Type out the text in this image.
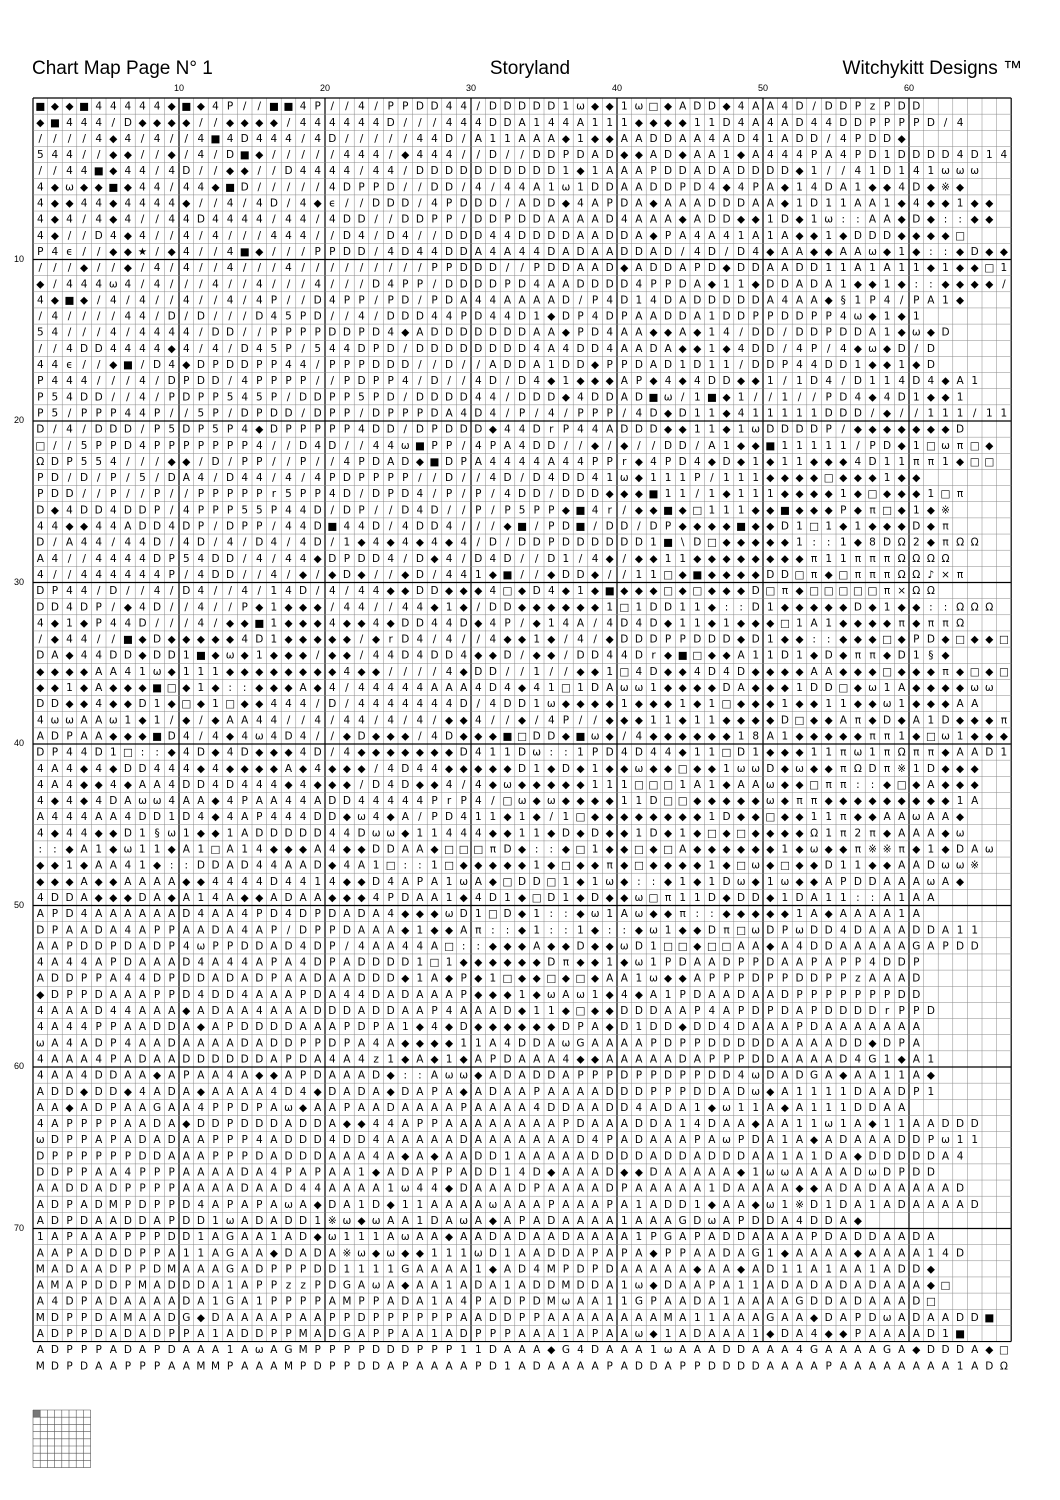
Chart Map Page N° 1	Storyland	Witchykitt Designs ™
10	20	30	40	50	60
10
20
30
40
50
60
70
■ ◆ ◆ ■ 4 4 4 4 4 ◆ ■ ◆ 4 P / / ■ ■ 4 P / / 4 / P P D D 4 4 / D D D D D 1 ω ◆ ◆ 1 ω □ ◆ A D D ◆ 4 A A 4 D / D D P z P D D
◆ ■ 4 4 4 / D ◆ ◆ ◆ ◆ / / ◆ ◆ ◆ ◆ / 4 4 4 4 4 4 D / / / 4 4 4 D D A 1 4 4 A 1 1 1 ◆ ◆ ◆ ◆ 1 1 D 4 A 4 A D 4 4 D D P P P P D / 4
/ / / / 4 ◆ 4 / 4 / / 4 ■ 4 D 4 4 4 / 4 D / / / / / 4 4 D / A 1 1 A A A ◆ 1 ◆ ◆ A A D D A A 4 A D 4 1 A D D / 4 P D D ◆
5 4 4 / / ◆ ◆ / / ◆ / 4 / D ■ ◆ / / / / / 4 4 4 / ◆ 4 4 4 / / D / / D D P D A D ◆ ◆ A D ◆ A A 1 ◆ A 4 4 4 P A 4 P D 1 D D D D 4 D 1 4
/ / 4 4 ■ ◆ 4 4 / 4 D / / ◆ ◆ / / D 4 4 4 4 / 4 4 / D D D D D D D D D D 1 ◆ 1 A A A P D D A D A D D D D ◆ 1 / / 4 1 D 1 4 1 ω ω ω
4 ◆ ω ◆ ◆ ■ ◆ 4 4 / 4 4 ◆ ■ D / / / / / 4 D P P D / / D D / 4 / 4 4 A 1 ω 1 D D A A D D P D 4 ◆ 4 P A ◆ 1 4 D A 1 ◆ ◆ 4 D ◆ ※ ◆
4 ◆ ◆ 4 4 ◆ 4 4 4 4 ◆ / / 4 / 4 D / 4 ◆ ϵ / / D D D / 4 P D D D / A D D ◆ 4 A P D A ◆ A A A D D D A A ◆ 1 D 1 1 A A 1 ◆ 4 ◆ ◆ 1 ◆ ◆
4 ◆ 4 / 4 ◆ 4 / / 4 4 D 4 4 4 4 / 4 4 / 4 D D / / D D P P / D D P D D A A A A D 4 A A A ◆ A D D ◆ ◆ 1 D ◆ 1 ω : : A A ◆ D ◆ : : ◆ ◆
4 ◆ / / D 4 ◆ 4 / / 4 / 4 / / / 4 4 4 / / D 4 / D 4 / / D D D 4 4 D D D D A A D D A ◆ P A 4 A 4 1 A 1 A ◆ ◆ 1 ◆ D D D ◆ ◆ ◆ ◆ □
P 4 ϵ / / ◆ ◆ ★ / ◆ 4 / / 4 ■ ◆ / / / P P D D / 4 D 4 4 D D A 4 A 4 4 D A D A A D D A D / 4 D / D 4 ◆ A A ◆ ◆ A A ω ◆ 1 ◆ : : ◆ D ◆ ◆
/ / / ◆ / / ◆ / 4 / 4 / / 4 / / / 4 / / / / / / / / / P P D D D / / P D D A A D ◆ A D D A P D ◆ D D A A D D 1 1 A 1 A 1 1 ◆ 1 ◆ ◆ □ 1
◆ / 4 4 4 ω 4 / 4 / / / 4 / / 4 / / / 4 / / / D 4 P P / D D D D P D 4 A A D D D D 4 P P D A ◆ 1 1 ◆ D D A D A 1 ◆ ◆ 1 ◆ : : ◆ ◆ ◆ ◆ /
4 ◆ ■ ◆ / 4 / 4 / / 4 / / 4 / 4 P / / D 4 P P / P D / P D A 4 4 A A A A D / P 4 D 1 4 D A D D D D D A 4 A A ◆ § 1 P 4 / P A 1 ◆
/ 4 / / / / 4 4 / D / D / / / D 4 5 P D / / 4 / D D D 4 4 P D 4 4 D 1 ◆ D P 4 D P A A D D A 1 D D P P D D P P 4 ω ◆ 1 ◆ 1
5 4 / / / 4 / 4 4 4 4 / D D / / P P P P D D P D 4 ◆ A D D D D D D D A A ◆ P D 4 A A ◆ ◆ A ◆ 1 4 / D D / D D P D D A 1 ◆ ω ◆ D
/ / 4 D D 4 4 4 4 ◆ 4 / 4 / D 4 5 P / 5 4 4 D P D / D D D D D D D D 4 A 4 D D 4 A A D A ◆ ◆ 1 ◆ 4 D D / 4 P / 4 ◆ ω ◆ D / D
4 4 ϵ / / ◆ ■ / D 4 ◆ D P D D P P 4 4 / P P P D D D / / D / / A D D A 1 D D ◆ P P D A D 1 D 1 1 / D D P 4 4 D D 1 ◆ ◆ 1 ◆ D
P 4 4 4 / / / 4 / D P D D / 4 P P P P / / P D P P 4 / D / / 4 D / D 4 ◆ 1 ◆ ◆ ◆ A P ◆ 4 ◆ 4 D D ◆ ◆ 1 / 1 D 4 / D 1 1 4 D 4 ◆ A 1
P 5 4 D D / / 4 / P D P P 5 4 5 P / D D P P 5 P D / D D D D 4 4 / D D D ◆ 4 D D A D ■ ω / 1 ■ ◆ 1 / / 1 / / P D 4 ◆ 4 D 1 ◆ ◆ 1
P 5 / P P P 4 4 P / / 5 P / D P D D / D P P / D P P P D A 4 D 4 / P / 4 / P P P / 4 D ◆ D 1 1 ◆ 4 1 1 1 1 1 D D D / ◆ / / 1 1 1 / 1 1
D / 4 / D D D / P 5 D P 5 P 4 ◆ D P P P P P 4 D D / D P D D D ◆ 4 4 D r P 4 4 A D D D ◆ ◆ 1 1 ◆ 1 ω D D D D P / ◆ ◆ ◆ ◆ ◆ ◆ ◆ D
□ / / 5 P P D 4 P P P P P P P 4 / / D 4 D / / 4 4 ω ■ P P / 4 P A 4 D D / / ◆ / ◆ / / D D / A 1 ◆ ◆ ■ 1 1 1 1 1 / P D ◆ 1 □ ω π □ ◆
Ω D P 5 5 4 / / / ◆ ◆ / D / P P / / P / / 4 P D A D ◆ ■ D P A 4 4 4 4 A 4 4 P P r ◆ 4 P D 4 ◆ D ◆ 1 ◆ 1 1 ◆ ◆ ◆ 4 D 1 1 π π 1 ◆ □ □
P D / D / P / 5 / D A 4 / D 4 4 / 4 / 4 P D P P P P / / D / / 4 D / D 4 D D 4 1 ω ◆ 1 1 1 P / 1 1 1 ◆ ◆ ◆ ◆ □ ◆ ◆ ◆ 1 ◆ ◆
P D D / / P / / P / / P P P P P r 5 P P 4 D / D P D 4 / P / P / 4 D D / D D D ◆ ◆ ◆ ■ 1 1 / 1 ◆ 1 1 1 ◆ ◆ ◆ ◆ 1 ◆ □ ◆ ◆ ◆ 1 □ π
D ◆ 4 D D 4 D D P / 4 P P P 5 5 P 4 4 D / D P / / D 4 D / / P / P 5 P P ◆ ■ 4 r / ◆ ◆ ■ ◆ □ 1 1 1 ◆ ◆ ■ ◆ ◆ ◆ P ◆ π □ ◆ 1 ◆ ※
4 4 ◆ ◆ 4 4 A D D 4 D P / D P P / 4 4 D ■ 4 4 D / 4 D D 4 / / / ◆ ■ / P D ■ / D D / D P ◆ ◆ ◆ ◆ ■ ◆ ◆ D 1 □ 1 ◆ 1 ◆ ◆ ◆ D ◆ π
D / A 4 4 / 4 4 D / 4 D / 4 / D 4 / 4 D / 1 ◆ 4 ◆ 4 ◆ 4 ◆ 4 / D / D D P D D D D D D 1 ■ \ D □ ◆ ◆ ◆ ◆ ◆ 1 : : 1 ◆ 8 D Ω 2 ◆ π Ω Ω
A 4 / / 4 4 4 4 D P 5 4 D D / 4 / 4 4 ◆ D P D D 4 / D ◆ 4 / D 4 D / / D 1 / 4 ◆ / ◆ ◆ 1 1 ◆ ◆ ◆ ◆ ◆ ◆ ◆ ◆ π 1 1 π π π Ω Ω Ω Ω
4 / / 4 4 4 4 4 4 P / 4 D D / / 4 / ◆ / ◆ D ◆ / / ◆ D / 4 4 1 ◆ ■ / / ◆ D D ◆ / / 1 1 □ ◆ ■ ◆ ◆ ◆ ◆ D D □ π ◆ □ π π π Ω Ω ♪ × π
D P 4 4 / D / / 4 / D 4 / / 4 / 1 4 D / 4 / 4 4 ◆ ◆ D D ◆ ◆ ◆ 4 □ ◆ D 4 ◆ 1 ◆ ■ ◆ ◆ ◆ □ ◆ □ ◆ ◆ ◆ D □ π ◆ □ □ □ □ □ π × Ω Ω
D D 4 D P / ◆ 4 D / / 4 / / P ◆ 1 ◆ ◆ ◆ / 4 4 / / 4 4 ◆ 1 ◆ / D D ◆ ◆ ◆ ◆ ◆ ◆ 1 □ 1 D D 1 1 ◆ : : D 1 ◆ ◆ ◆ ◆ ◆ D ◆ 1 ◆ ◆ : : Ω Ω Ω
4 ◆ 1 ◆ P 4 4 D / / / 4 / ◆ ◆ ■ 1 ◆ ◆ ◆ 4 ◆ ◆ 4 ◆ D D 4 4 D ◆ 4 P / ◆ 1 4 A / 4 D 4 D ◆ 1 1 ◆ 1 ◆ ◆ ◆ □ 1 A 1 ◆ ◆ ◆ ◆ π ◆ π π Ω
/ ◆ 4 4 / / ■ ◆ D ◆ ◆ ◆ ◆ ◆ 4 D 1 ◆ ◆ ◆ ◆ ◆ / ◆ r D 4 / 4 / / 4 ◆ ◆ 1 ◆ / 4 / ◆ D D D P P D D D ◆ D 1 ◆ ◆ : : ◆ ◆ ◆ □ ◆ P D ◆ □ ◆ ◆ □
D A ◆ 4 4 D D ◆ D D 1 ■ ◆ ω ◆ 1 ◆ ◆ ◆ / ◆ ◆ / 4 4 D 4 D D 4 ◆ ◆ D / ◆ ◆ / D D 4 4 D r ◆ ■ □ ◆ ◆ A 1 1 D 1 ◆ D ◆ π π ◆ D 1 § ◆
◆ ◆ ◆ ◆ A A 4 1 ω ◆ 1 1 1 ◆ ◆ ◆ ◆ ◆ ◆ ◆ ◆ 4 ◆ ◆ / / / / 4 ◆ D D / / 1 / / ◆ ◆ 1 □ 4 D ◆ ◆ 4 D 4 D ◆ ◆ ◆ ◆ A A ◆ ◆ ◆ □ ◆ ◆ ◆ π ◆ □ ◆ □
◆ ◆ 1 ◆ A ◆ ◆ ◆ ■ □ ◆ 1 ◆ : : ◆ ◆ ◆ A ◆ 4 / 4 4 4 4 4 A A A 4 D 4 ◆ 4 1 □ 1 D A ω ω 1 ◆ ◆ ◆ ◆ D A ◆ ◆ ◆ 1 D D □ ◆ ω 1 A ◆ ◆ ◆ ◆ ω ω
D D ◆ ◆ 4 ◆ ◆ D 1 ◆ □ ◆ 1 □ ◆ ◆ 4 4 4 / D / 4 4 4 4 4 4 4 D / 4 D D 1 ω ◆ ◆ ◆ ◆ 1 ◆ ◆ ◆ 1 ◆ 1 □ ◆ ◆ ◆ 1 ◆ ◆ 1 1 ◆ ◆ ω 1 ◆ ◆ ◆ A A
4 ω ω A A ω 1 ◆ 1 / ◆ / ◆ A A 4 4 / / 4 / 4 4 / 4 / 4 / ◆ ◆ 4 / / ◆ / 4 P / / ◆ ◆ ◆ 1 1 ◆ 1 1 ◆ ◆ ◆ ◆ D □ ◆ ◆ A π ◆ D ◆ A 1 D ◆ ◆ ◆ π
A D P A A ◆ ◆ ◆ ■ D 4 / 4 ◆ 4 ω 4 D 4 / / ◆ D ◆ ◆ ◆ / 4 D ◆ ◆ ◆ ■ □ D D ◆ ■ ω ◆ / 4 ◆ ◆ ◆ ◆ ◆ ◆ 1 8 A 1 ◆ ◆ ◆ ◆ ◆ π π 1 ◆ □ ω 1 ◆ ◆ ◆
D P 4 4 D 1 □ : : ◆ 4 D ◆ 4 D ◆ ◆ ◆ 4 D / 4 ◆ ◆ ◆ ◆ ◆ ◆ ◆ D 4 1 1 D ω : : 1 P D 4 D 4 4 ◆ 1 1 □ D 1 ◆ ◆ ◆ 1 1 π ω 1 π Ω π π ◆ A A D 1
4 A 4 ◆ 4 ◆ D D 4 4 4 ◆ 4 ◆ ◆ ◆ ◆ A ◆ 4 ◆ ◆ ◆ / 4 D 4 4 ◆ ◆ ◆ ◆ ◆ D 1 ◆ D ◆ 1 ◆ ◆ ω ◆ ◆ □ ◆ ◆ 1 ω ω D ◆ ω ◆ ◆ π Ω D π ※ 1 D ◆ ◆ ◆
4 A 4 ◆ ◆ 4 ◆ A A 4 D D 4 D 4 4 4 ◆ 4 ◆ ◆ ◆ / D 4 D ◆ ◆ 4 / 4 ◆ ω ◆ ◆ ◆ ◆ ◆ 1 1 1 □ □ □ 1 A 1 ◆ A A ω ◆ ◆ □ π π : : ◆ □ ◆ A ◆ ◆ ◆
4 ◆ 4 ◆ 4 D A ω ω 4 A A ◆ 4 P A A 4 4 A D D 4 4 4 4 4 P r P 4 / □ ω ◆ ω ◆ ◆ ◆ ◆ 1 1 D □ □ ◆ ◆ ◆ ◆ ◆ ω ◆ π π ◆ ◆ ◆ ◆ ◆ ◆ ◆ ◆ ◆ 1 A
A 4 4 4 A A 4 D D 1 D 4 ◆ 4 A P 4 4 4 D D ◆ ω 4 ◆ A / P D 4 1 1 ◆ 1 ◆ / 1 □ ◆ ◆ ◆ ◆ ◆ ◆ ◆ ◆ 1 D ◆ ◆ □ ◆ ◆ 1 1 π ◆ ◆ A A ω A A ◆
4 ◆ 4 4 ◆ ◆ D 1 § ω 1 ◆ ◆ 1 A D D D D D 4 4 D ω ω ◆ 1 1 4 4 4 ◆ ◆ 1 1 ◆ D ◆ D ◆ ◆ 1 D ◆ 1 ◆ □ ◆ □ ◆ ◆ ◆ ◆ Ω 1 π 2 π ◆ A A A ◆ ω
: : ◆ A 1 ◆ ω 1 1 ◆ A 1 □ A 1 4 ◆ ◆ ◆ A 4 ◆ ◆ D D A A ◆ □ □ □ π D ◆ : : ◆ □ 1 ◆ ◆ □ ◆ □ A ◆ ◆ ◆ ◆ ◆ ◆ 1 ◆ ω ◆ ◆ π ※ ※ π ◆ 1 ◆ D A ω
◆ ◆ 1 ◆ A A 4 1 ◆ : : D D A D 4 4 A A D ◆ 4 A 1 □ : : 1 □ ◆ ◆ ◆ ◆ ◆ 1 ◆ □ ◆ ◆ π ◆ □ ◆ ◆ ◆ ◆ 1 ◆ □ ω ◆ □ ◆ ◆ D 1 1 ◆ ◆ A A D ω ω ※
◆ ◆ ◆ A ◆ ◆ A A A A ◆ ◆ 4 4 4 4 D 4 4 1 4 ◆ ◆ D 4 A P A 1 ω A ◆ □ D D □ 1 ◆ 1 ω ◆ : : ◆ 1 ◆ 1 D ω ◆ 1 ω ◆ ◆ A P D D A A A ω A ◆
4 D D A ◆ ◆ ◆ D A ◆ A 1 4 A ◆ ◆ A D A A ◆ ◆ ◆ 4 P D A A 1 ◆ 4 D 1 ◆ □ D 1 ◆ D ◆ ◆ ω □ π 1 1 D ◆ D D ◆ 1 D A 1 1 : : A 1 A A
A P D 4 A A A A A A D 4 A A 4 P D 4 D P D A D A 4 ◆ ◆ ◆ ω D 1 □ D ◆ 1 : : ◆ ω 1 A ω ◆ ◆ π : : ◆ ◆ ◆ ◆ ◆ 1 A ◆ A A A A 1 A
D P A A D A 4 A P P A A D A 4 A P / D P P D A A A ◆ 1 ◆ ◆ A π : : ◆ 1 : : 1 ◆ : : ◆ ω 1 ◆ ◆ D π □ ω D P ω D D 4 D A A A D D A 1 1
A A P D D P D A D P 4 ω P P D D A D 4 D P / 4 A A 4 4 A □ : : ◆ ◆ ◆ A ◆ ◆ D ◆ ◆ ω D 1 □ □ ◆ □ □ A A ◆ A 4 D D A A A A A G A P D D
4 A 4 4 A P D A A A D 4 A 4 4 A P A 4 D P A D D D D 1 □ 1 ◆ ◆ ◆ ◆ ◆ ◆ D π ◆ ◆ 1 ◆ ω 1 P D A A D P P D A A P A P P 4 D D P
A D D P P A 4 4 D P D D A D A D P A A D A A D D D ◆ 1 A ◆ P ◆ 1 □ ◆ ◆ □ ◆ □ ◆ A A 1 ω ◆ ◆ A P P P D P P D D P P z A A A D
◆ D P P D A A A P P D 4 D D 4 A A A P D A 4 4 D A D A A A P ◆ ◆ ◆ 1 ◆ ω A ω 1 ◆ 4 ◆ A 1 P D A A D A A D P P P P P P P D D
4 A A A D 4 4 A A A ◆ A D A A 4 A A A D D D A D D A A P 4 A A A D ◆ 1 1 ◆ □ ◆ ◆ D D D A A P 4 A P D P D A P D D D D r P P D
4 A 4 4 P P A A D D A ◆ A P D D D D A A A P D P A 1 ◆ 4 ◆ D ◆ ◆ ◆ ◆ ◆ ◆ D P A ◆ D 1 D D ◆ D D 4 D A A A P D A A A A A A A
ω A 4 A D P 4 A A D A A A A D A D D P P D P A 4 A ◆ ◆ ◆ ◆ 1 1 A 4 D D A ω G A A A A P D P P D D D D D A A A A D D ◆ D P A
4 A A A 4 P A D A A D D D D D D A P D A 4 A 4 z 1 ◆ A ◆ 1 ◆ A P D A A A 4 ◆ ◆ A A A A A D A P P P D D A A A A D 4 G 1 ◆ A 1
4 A A 4 D D A A ◆ A P A A 4 A ◆ ◆ A P D A A A D ◆ : : A ω ω ◆ A D A D D A P P P D P P D P P D D 4 ω D A D G A ◆ A A 1 1 A ◆
A D D ◆ D D ◆ 4 A D A ◆ A A A A 4 D 4 ◆ D A D A ◆ D A P A ◆ A D A A P A A A A D D D P P P D D A D ω ◆ A 1 1 1 1 D A A D P 1
A A ◆ A D P A A G A A 4 P P D P A ω ◆ A A P A A D A A A A P A A A A 4 D D A A D D 4 A D A 1 ◆ ω 1 1 A ◆ A 1 1 1 D D A A
4 A P P P P A A D A ◆ D D P D D D A D D A ◆ ◆ 4 4 A P P A A A A A A A A P D A A A D D A 1 4 D A A ◆ A A 1 1 ω 1 A ◆ 1 1 A A D D D
ω D P P A P A D A D A A P P P 4 A D D D 4 D D 4 A A A A A D A A A A A A A D 4 P A D A A A P A ω P D A 1 A ◆ A D A A A D D P ω 1 1
D P P P P P P D D A A A P P P D A D D D A A A 4 A ◆ A ◆ A A D D 1 A A A A A D D D D A D D A D D D A A 1 A 1 D A ◆ D D D D D A 4
D D P P A A 4 P P P A A A A D A 4 P A P A A 1 ◆ A D A P P A D D 1 4 D ◆ A A A D ◆ ◆ D A A A A A ◆ 1 ω ω A A A A D ω D P D D
A A D D A D P P P P A A A A D A A D 4 4 A A A A 1 ω 4 4 ◆ D A A A D P A A A A D P A A A A A 1 D A A A A ◆ ◆ A D A D A A A A A D
A D P A D M P D P P D 4 A P A P A ω A ◆ D A 1 D ◆ 1 1 A A A A ω A A A P A A A P A 1 A D D 1 ◆ A A ◆ ω 1 ※ D 1 D A 1 A D A A A A D
A D P D A A D D A P D D 1 ω A D A D D 1 ※ ω ◆ ω A A 1 D A ω A ◆ A P A D A A A A 1 A A A G D ω A P D D A 4 D D A ◆
1 A P A A A P P P D D 1 A G A A 1 A D ◆ ω 1 1 1 A ω A A ◆ A A D A D A A D A A A A 1 P G A P A D D A A A A P D A D D A A D A
A A P A D D D P P A 1 1 A G A A ◆ D A D A ※ ω ◆ ω ◆ ◆ 1 1 1 ω D 1 A A D D A P A P A ◆ P P A A D A G 1 ◆ A A A A ◆ A A A A 1 4 D
M A D A A D P P D M A A A G A D P P P D D 1 1 1 1 G A A A A 1 ◆ A D 4 M P D P D A A A A A ◆ A A ◆ A D 1 1 A 1 A A 1 A D D ◆
A M A P D D P M A D D D A 1 A P P z z P D G A ω A ◆ A A 1 A D A 1 A D D M D D A 1 ω ◆ D A A P A 1 1 A D A D A D A D A A A ◆ □
A 4 D P A D A A A A D A 1 G A 1 P P P P A M P P A D A 1 A 4 P A D P D M ω A A 1 1 G P A A D A 1 A A A A G D D A D A A A D □
M D P P D A M A A D G ◆ D A A A A P A A P P D P P P P P P A A D D P P A A A A A A A A M A 1 1 A A A G A A ◆ D A P D ω A D A A D D ■
A D P P D A D A D P P A 1 A D D P P M A D G A P P A A 1 A D P P P A A A 1 A P A A ω ◆ 1 A D A A A 1 ◆ D A 4 ◆ ◆ P A A A A D 1 ■
A D P P P A D A P D A A A 1 A ω A G M P P P P D D D P P P 1 1 D A A A ◆ G 4 D A A A 1 ω A A A D D A A A 4 G A A A A G A ◆ D D D A ◆ □
M D P D A A P P P A A M M P A A A M P D P P D D A P A A A A P D 1 A D A A A A P A D D A P P D D D D A A A A P A A A A A A A A 1 A D Ω
